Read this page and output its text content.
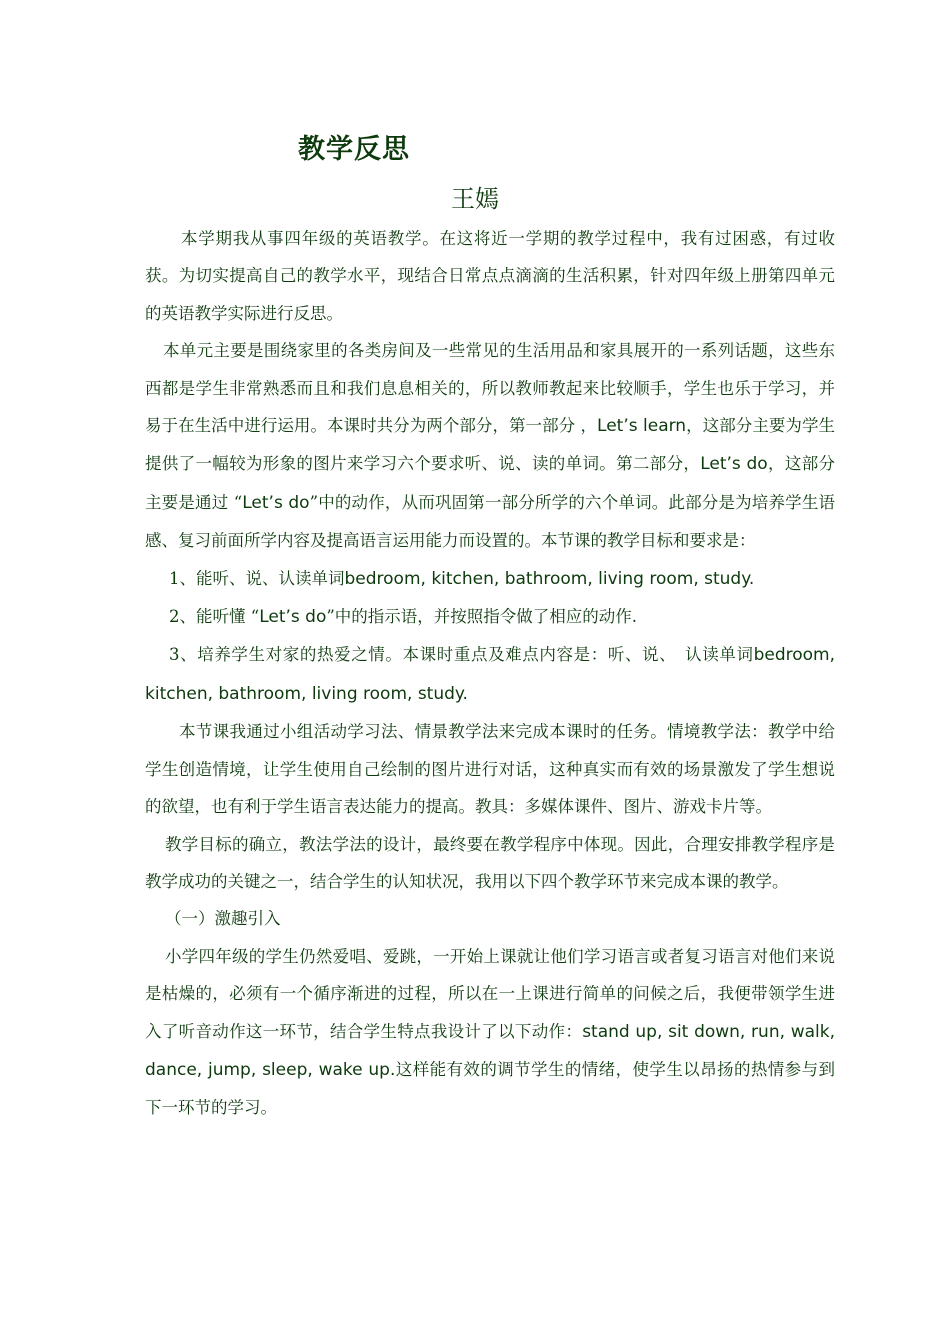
教学反思
王嫣

本学期我从事四年级的英语教学。在这将近一学期的教学过程中，我有过困惑，有过收获。为切实提高自己的教学水平，现结合日常点点滴滴的生活积累，针对四年级上册第四单元的英语教学实际进行反思。

本单元主要是围绕家里的各类房间及一些常见的生活用品和家具展开的一系列话题，这些东西都是学生非常熟悉而且和我们息息相关的，所以教师教起来比较顺手，学生也乐于学习，并易于在生活中进行运用。本课时共分为两个部分，第一部分 ，Let’s learn，这部分主要为学生提供了一幅较为形象的图片来学习六个要求听、说、读的单词。第二部分，Let’s do，这部分主要是通过 “Let’s do”中的动作，从而巩固第一部分所学的六个单词。此部分是为培养学生语感、复习前面所学内容及提高语言运用能力而设置的。本节课的教学目标和要求是：

1、能听、说、认读单词bedroom, kitchen, bathroom, living room, study.

2、能听懂 “Let’s do”中的指示语，并按照指令做了相应的动作.

3、培养学生对家的热爱之情。本课时重点及难点内容是：听、说、　认读单词bedroom, kitchen, bathroom, living room, study.

本节课我通过小组活动学习法、情景教学法来完成本课时的任务。情境教学法：教学中给学生创造情境，让学生使用自己绘制的图片进行对话，这种真实而有效的场景激发了学生想说的欲望，也有利于学生语言表达能力的提高。教具：多媒体课件、图片、游戏卡片等。

教学目标的确立，教法学法的设计，最终要在教学程序中体现。因此，合理安排教学程序是教学成功的关键之一，结合学生的认知状况，我用以下四个教学环节来完成本课的教学。

（一）激趣引入

小学四年级的学生仍然爱唱、爱跳，一开始上课就让他们学习语言或者复习语言对他们来说是枯燥的，必须有一个循序渐进的过程，所以在一上课进行简单的问候之后，我便带领学生进入了听音动作这一环节，结合学生特点我设计了以下动作：stand up, sit down, run, walk, dance, jump, sleep, wake up.这样能有效的调节学生的情绪，使学生以昂扬的热情参与到下一环节的学习。
